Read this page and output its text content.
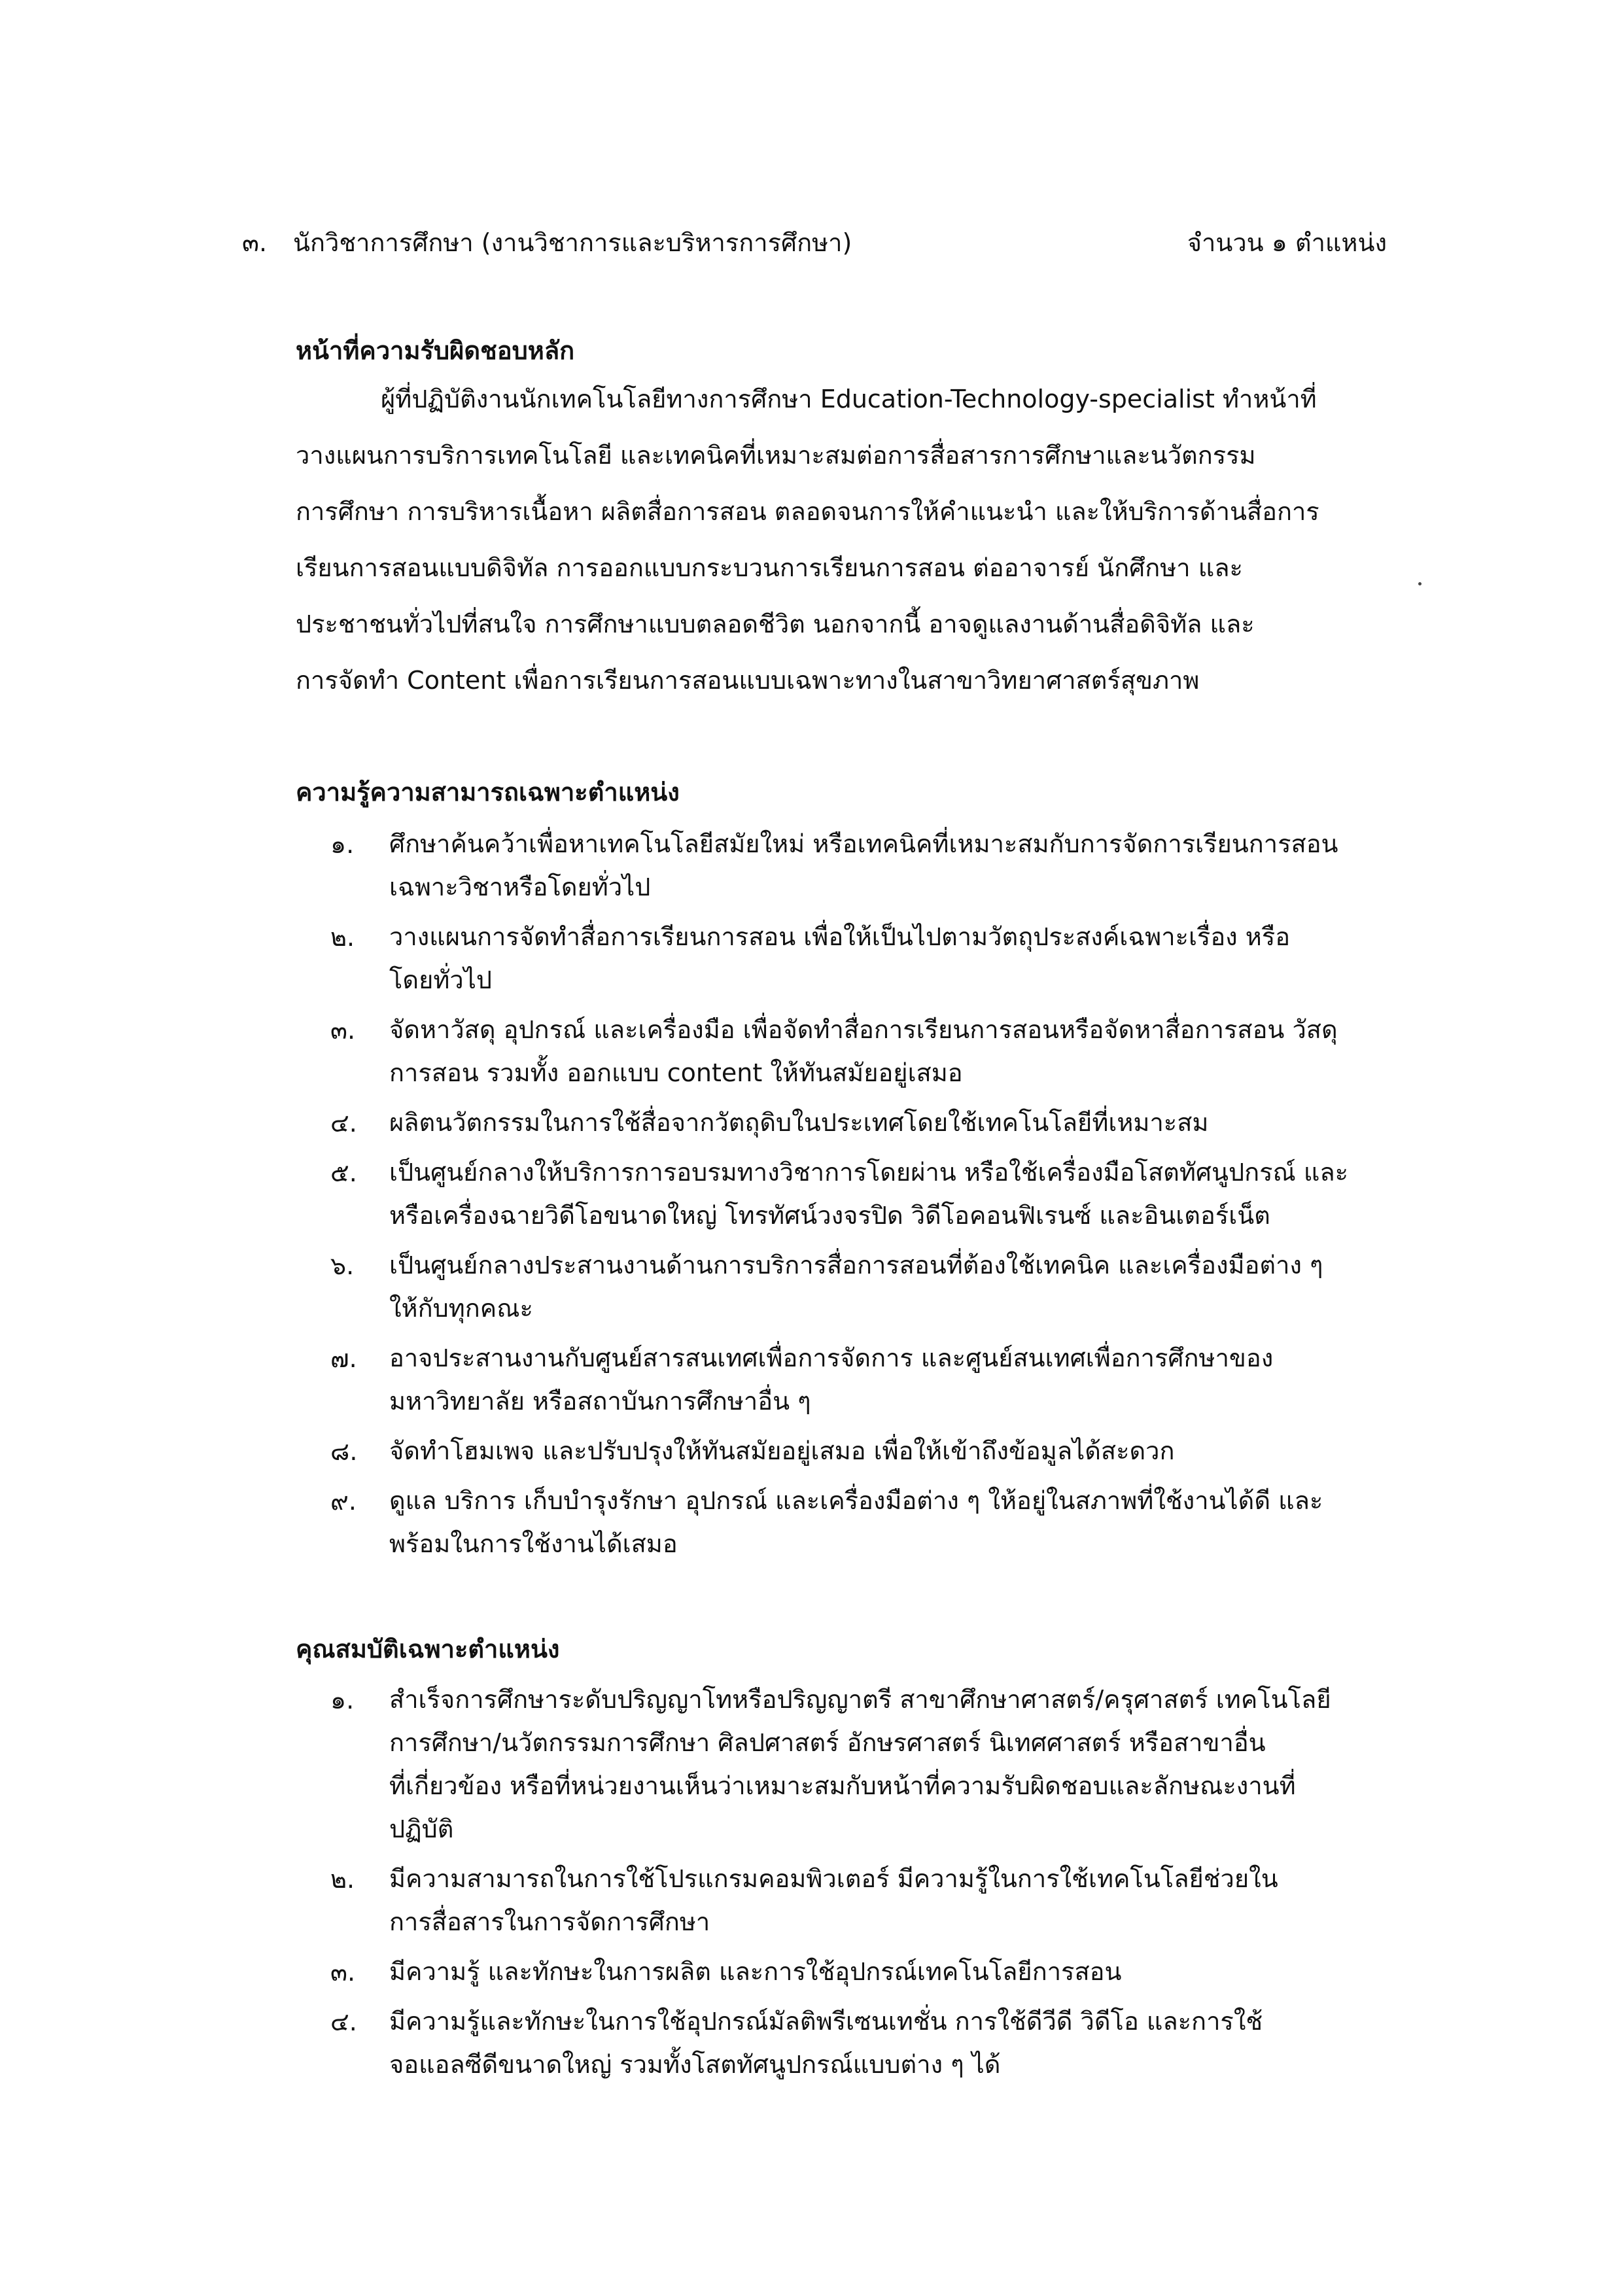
๓. นักวิชาการศึกษา (งานวิชาการและบริหารการศึกษา)	จำนวน ๑ ตำแหน่ง
หน้าที่ความรับผิดชอบหลัก
ผู้ที่ปฏิบัติงานนักเทคโนโลยีทางการศึกษา Education-Technology-specialist ทำหน้าที่
วางแผนการบริการเทคโนโลยี และเทคนิคที่เหมาะสมต่อการสื่อสารการศึกษาและนวัตกรรม
การศึกษา การบริหารเนื้อหา ผลิตสื่อการสอน ตลอดจนการให้คำแนะนำ และให้บริการด้านสื่อการ
เรียนการสอนแบบดิจิทัล การออกแบบกระบวนการเรียนการสอน ต่ออาจารย์ นักศึกษา และ
ประชาชนทั่วไปที่สนใจ การศึกษาแบบตลอดชีวิต นอกจากนี้ อาจดูแลงานด้านสื่อดิจิทัล และ
การจัดทำ Content เพื่อการเรียนการสอนแบบเฉพาะทางในสาขาวิทยาศาสตร์สุขภาพ
ความรู้ความสามารถเฉพาะตำแหน่ง
๑. ศึกษาค้นคว้าเพื่อหาเทคโนโลยีสมัยใหม่ หรือเทคนิคที่เหมาะสมกับการจัดการเรียนการสอน
เฉพาะวิชาหรือโดยทั่วไป
๒. วางแผนการจัดทำสื่อการเรียนการสอน เพื่อให้เป็นไปตามวัตถุประสงค์เฉพาะเรื่อง หรือ
โดยทั่วไป
๓. จัดหาวัสดุ อุปกรณ์ และเครื่องมือ เพื่อจัดทำสื่อการเรียนการสอนหรือจัดหาสื่อการสอน วัสดุ
การสอน รวมทั้ง ออกแบบ content ให้ทันสมัยอยู่เสมอ
๔. ผลิตนวัตกรรมในการใช้สื่อจากวัตถุดิบในประเทศโดยใช้เทคโนโลยีที่เหมาะสม
๕. เป็นศูนย์กลางให้บริการการอบรมทางวิชาการโดยผ่าน หรือใช้เครื่องมือโสตทัศนูปกรณ์ และ
หรือเครื่องฉายวิดีโอขนาดใหญ่ โทรทัศน์วงจรปิด วิดีโอคอนฟิเรนซ์ และอินเตอร์เน็ต
๖. เป็นศูนย์กลางประสานงานด้านการบริการสื่อการสอนที่ต้องใช้เทคนิค และเครื่องมือต่าง ๆ
ให้กับทุกคณะ
๗. อาจประสานงานกับศูนย์สารสนเทศเพื่อการจัดการ และศูนย์สนเทศเพื่อการศึกษาของ
มหาวิทยาลัย หรือสถาบันการศึกษาอื่น ๆ
๘. จัดทำโฮมเพจ และปรับปรุงให้ทันสมัยอยู่เสมอ เพื่อให้เข้าถึงข้อมูลได้สะดวก
๙. ดูแล บริการ เก็บบำรุงรักษา อุปกรณ์ และเครื่องมือต่าง ๆ ให้อยู่ในสภาพที่ใช้งานได้ดี และ
พร้อมในการใช้งานได้เสมอ
คุณสมบัติเฉพาะตำแหน่ง
๑. สำเร็จการศึกษาระดับปริญญาโทหรือปริญญาตรี สาขาศึกษาศาสตร์/ครุศาสตร์ เทคโนโลยี
การศึกษา/นวัตกรรมการศึกษา ศิลปศาสตร์ อักษรศาสตร์ นิเทศศาสตร์ หรือสาขาอื่น
ที่เกี่ยวข้อง หรือที่หน่วยงานเห็นว่าเหมาะสมกับหน้าที่ความรับผิดชอบและลักษณะงานที่
ปฏิบัติ
๒. มีความสามารถในการใช้โปรแกรมคอมพิวเตอร์ มีความรู้ในการใช้เทคโนโลยีช่วยใน
การสื่อสารในการจัดการศึกษา
๓. มีความรู้ และทักษะในการผลิต และการใช้อุปกรณ์เทคโนโลยีการสอน
๔. มีความรู้และทักษะในการใช้อุปกรณ์มัลติพรีเซนเทชั่น การใช้ดีวีดี วิดีโอ และการใช้
จอแอลซีดีขนาดใหญ่ รวมทั้งโสตทัศนูปกรณ์แบบต่าง ๆ ได้
